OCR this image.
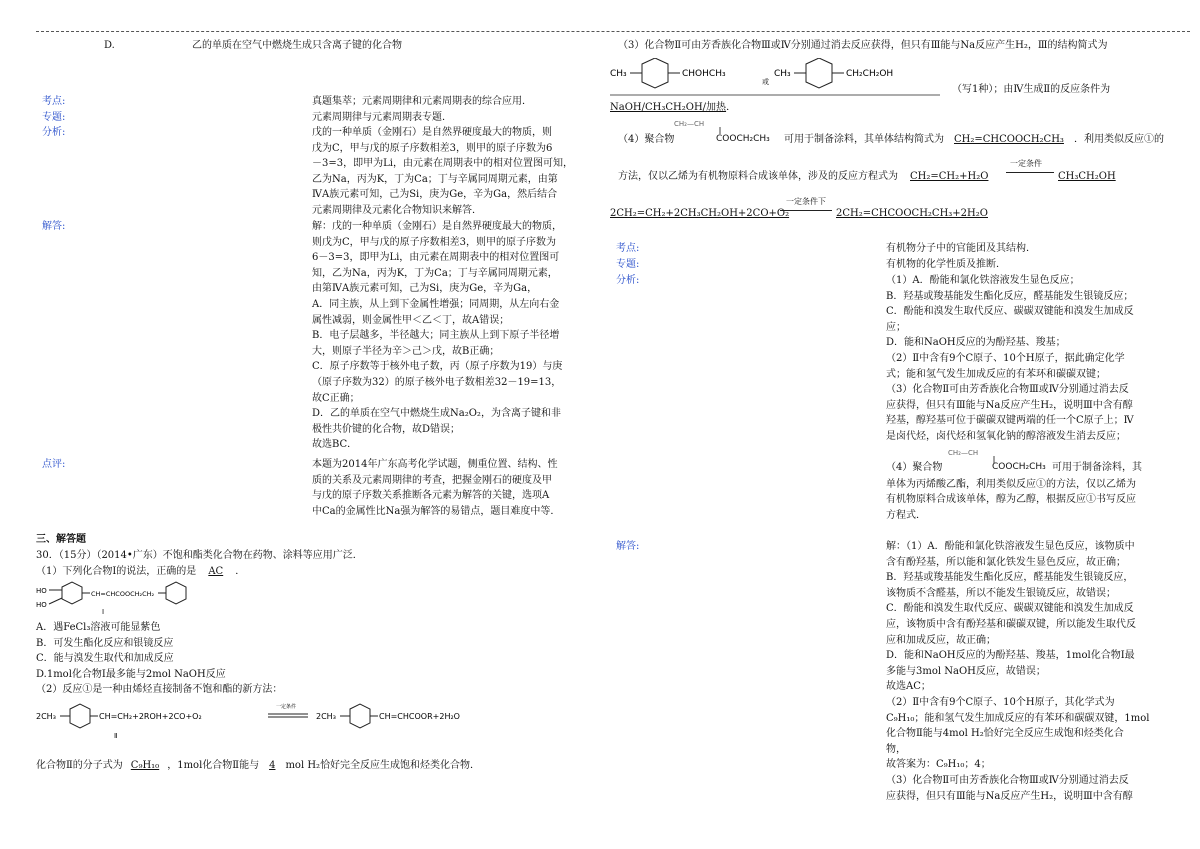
D.	乙的单质在空气中燃烧生成只含离子键的化合物
考点:	真题集萃；元素周期律和元素周期表的综合应用．
专题:	元素周期律与元素周期表专题．
分析:	戊的一种单质（金刚石）是自然界硬度最大的物质，则
戊为C，甲与戊的原子序数相差3，则甲的原子序数为6
－3=3，即甲为Li，由元素在周期表中的相对位置图可知，
乙为Na，丙为K，丁为Ca；丁与辛属同周期元素，由第
ⅣA族元素可知，己为Si，庚为Ge，辛为Ga，然后结合
元素周期律及元素化合物知识来解答．
解答:	解：戊的一种单质（金刚石）是自然界硬度最大的物质，
则戊为C，甲与戊的原子序数相差3，则甲的原子序数为
6－3=3，即甲为Li，由元素在周期表中的相对位置图可
知，乙为Na，丙为K，丁为Ca；丁与辛属同周期元素，
由第ⅣA族元素可知，己为Si，庚为Ge，辛为Ga，
A．同主族，从上到下金属性增强；同周期，从左向右金
属性减弱，则金属性甲＜乙＜丁，故A错误；
B．电子层越多，半径越大；同主族从上到下原子半径增
大，则原子半径为辛＞己＞戊，故B正确；
C．原子序数等于核外电子数，丙（原子序数为19）与庚
（原子序数为32）的原子核外电子数相差32－19=13，
故C正确；
D．乙的单质在空气中燃烧生成Na₂O₂，为含离子键和非
极性共价键的化合物，故D错误；
故选BC．
点评:	本题为2014年广东高考化学试题，侧重位置、结构、性
质的关系及元素周期律的考查，把握金刚石的硬度及甲
与戊的原子序数关系推断各元素为解答的关键，选项A
中Ca的金属性比Na强为解答的易错点，题目难度中等．
三、解答题
30．（15分）（2014•广东）不饱和酯类化合物在药物、涂料等应用广泛．
（1）下列化合物Ⅰ的说法，正确的是 AC ．
HO
HO
CH=CHCOOCH₂CH₂
Ⅰ
A．遇FeCl₃溶液可能显紫色
B．可发生酯化反应和银镜反应
C．能与溴发生取代和加成反应
D.1mol化合物Ⅰ最多能与2mol NaOH反应
（2）反应①是一种由烯烃直接制备不饱和酯的新方法：
2CH₃	CH=CH₂+2ROH+2CO+O₂
一定条件
2CH₃	CH=CHCOOR+2H₂O
Ⅱ
化合物Ⅱ的分子式为 C₉H₁₀ ，1mol化合物Ⅱ能与 4 mol H₂恰好完全反应生成饱和烃类化合物．
（3）化合物Ⅱ可由芳香族化合物Ⅲ或Ⅳ分别通过消去反应获得，但只有Ⅲ能与Na反应产生H₂，Ⅲ的结构简式为
CH₃	CHOHCH₃
或
CH₃	CH₂CH₂OH
（写1种）；由Ⅳ生成Ⅱ的反应条件为
NaOH/CH₃CH₂OH/加热．
（4）聚合物
CH₂—CH
COOCH₂CH₃ 可用于制备涂料，其单体结构简式为 CH₂=CHCOOCH₂CH₃ ．利用类似反应①的
方法，仅以乙烯为有机物原料合成该单体，涉及的反应方程式为 CH₂=CH₂+H₂O
一定条件
CH₃CH₂OH
2CH₂=CH₂+2CH₃CH₂OH+2CO+O₂
一定条件下
2CH₂=CHCOOCH₂CH₃+2H₂O
考点:	有机物分子中的官能团及其结构．
专题:	有机物的化学性质及推断．
分析:	（1）A．酚能和氯化铁溶液发生显色反应；
B．羟基或羧基能发生酯化反应，醛基能发生银镜反应；
C．酚能和溴发生取代反应、碳碳双键能和溴发生加成反
应；
D．能和NaOH反应的为酚羟基、羧基；
（2）Ⅱ中含有9个C原子、10个H原子，据此确定化学
式；能和氢气发生加成反应的有苯环和碳碳双键；
（3）化合物Ⅱ可由芳香族化合物Ⅲ或Ⅳ分别通过消去反
应获得，但只有Ⅲ能与Na反应产生H₂，说明Ⅲ中含有醇
羟基，醇羟基可位于碳碳双键两端的任一个C原子上；Ⅳ
是卤代烃，卤代烃和氢氧化钠的醇溶液发生消去反应；
（4）聚合物
CH₂—CH
COOCH₂CH₃ 可用于制备涂料，其
单体为丙烯酸乙酯，利用类似反应①的方法，仅以乙烯为
有机物原料合成该单体，醇为乙醇，根据反应①书写反应
方程式．
解答:	解：（1）A．酚能和氯化铁溶液发生显色反应，该物质中
含有酚羟基，所以能和氯化铁发生显色反应，故正确；
B．羟基或羧基能发生酯化反应，醛基能发生银镜反应，
该物质不含醛基，所以不能发生银镜反应，故错误；
C．酚能和溴发生取代反应、碳碳双键能和溴发生加成反
应，该物质中含有酚羟基和碳碳双键，所以能发生取代反
应和加成反应，故正确；
D．能和NaOH反应的为酚羟基、羧基，1mol化合物Ⅰ最
多能与3mol NaOH反应，故错误；
故选AC；
（2）Ⅱ中含有9个C原子、10个H原子，其化学式为
C₉H₁₀；能和氢气发生加成反应的有苯环和碳碳双键，1mol
化合物Ⅱ能与4mol H₂恰好完全反应生成饱和烃类化合
物，
故答案为：C₉H₁₀；4；
（3）化合物Ⅱ可由芳香族化合物Ⅲ或Ⅳ分别通过消去反
应获得，但只有Ⅲ能与Na反应产生H₂，说明Ⅲ中含有醇
